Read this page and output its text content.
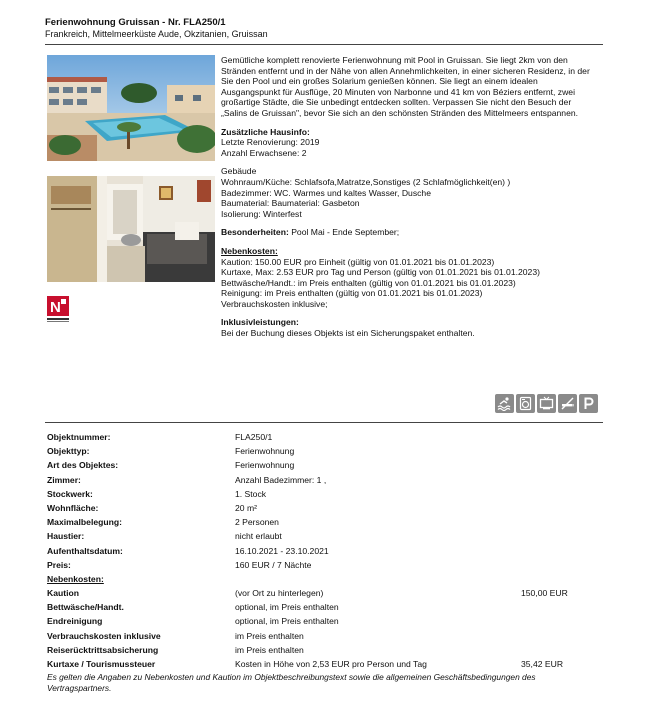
Ferienwohnung Gruissan - Nr. FLA250/1
Frankreich, Mittelmeerküste Aude, Okzitanien, Gruissan
N

Gemütliche komplett renovierte Ferienwohnung mit Pool in Gruissan. Sie liegt 2km von den Stränden entfernt und in der Nähe von allen Annehmlichkeiten, in einer sicheren Residenz, in der Sie den Pool und ein großes Solarium genießen können. Sie liegt an einem idealen Ausgangspunkt für Ausflüge, 20 Minuten von Narbonne und 41 km von Béziers entfernt, zwei großartige Städte, die Sie unbedingt entdecken sollten. Verpassen Sie nicht den Besuch der „Salins de Gruissan", bevor Sie sich an den schönsten Stränden des Mittelmeers entspannen.

Zusätzliche Hausinfo:

Letzte Renovierung: 2019

Anzahl Erwachsene: 2

Gebäude

Wohnraum/Küche: Schlafsofa,Matratze,Sonstiges (2 Schlafmöglichkeit(en) )

Badezimmer: WC. Warmes und kaltes Wasser, Dusche

Baumaterial: Baumaterial: Gasbeton

Isolierung: Winterfest

Besonderheiten: Pool Mai - Ende September;

Nebenkosten:

Kaution: 150.00 EUR pro Einheit (gültig von 01.01.2021 bis 01.01.2023)

Kurtaxe, Max: 2.53 EUR pro Tag und Person (gültig von 01.01.2021 bis 01.01.2023)

Bettwäsche/Handt.: im Preis enthalten (gültig von 01.01.2021 bis 01.01.2023)

Reinigung: im Preis enthalten (gültig von 01.01.2021 bis 01.01.2023)

Verbrauchskosten inklusive;

Inklusivleistungen:

Bei der Buchung dieses Objekts ist ein Sicherungspaket enthalten.

Objektnummer:	FLA250/1
Objekttyp:	Ferienwohnung
Art des Objektes:	Ferienwohnung
Zimmer:	Anzahl Badezimmer: 1 ,
Stockwerk:	1. Stock
Wohnfläche:	20 m²
Maximalbelegung:	2 Personen
Haustier:	nicht erlaubt
Aufenthaltsdatum:	16.10.2021 - 23.10.2021
Preis:	160 EUR / 7 Nächte
Nebenkosten:
Kaution	(vor Ort zu hinterlegen)	150,00 EUR
Bettwäsche/Handt.	optional, im Preis enthalten
Endreinigung	optional, im Preis enthalten
Verbrauchskosten inklusive	im Preis enthalten
Reiserücktrittsabsicherung	im Preis enthalten
Kurtaxe / Tourismussteuer	Kosten in Höhe von 2,53 EUR pro Person und Tag	35,42 EUR
Es gelten die Angaben zu Nebenkosten und Kaution im Objektbeschreibungstext sowie die allgemeinen Geschäftsbedingungen des Vertragspartners.
